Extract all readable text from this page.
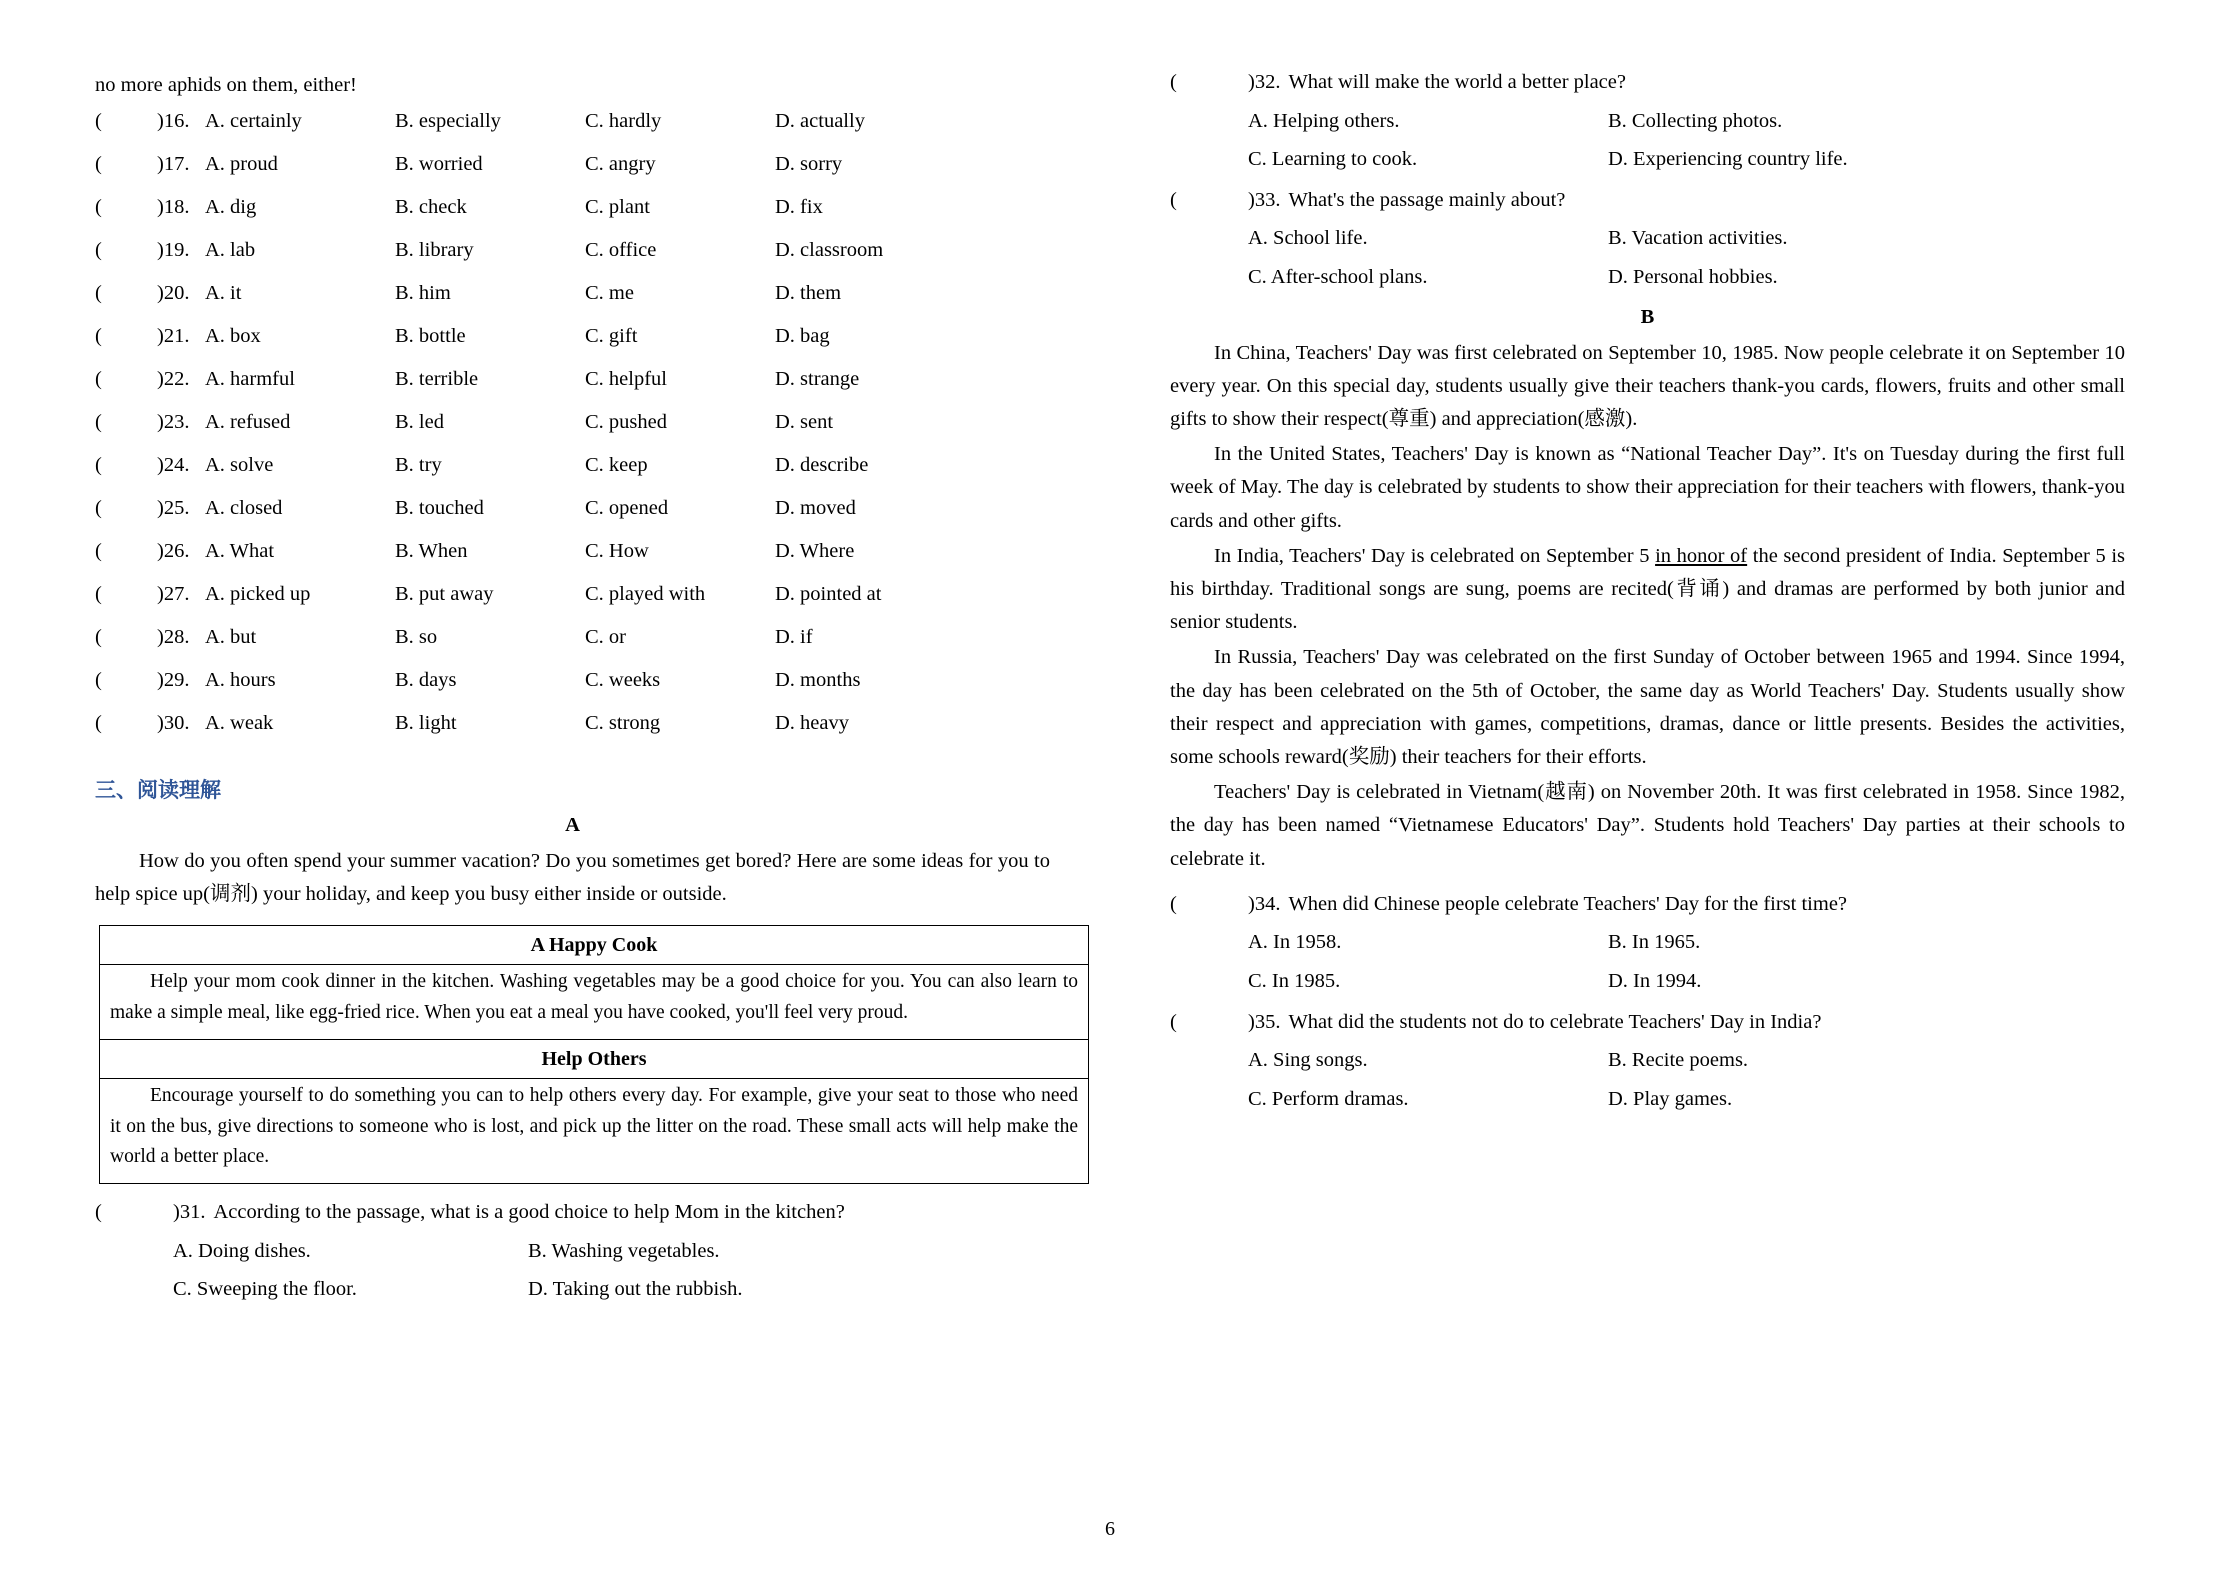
no more aphids on them, either!
(	)16. A. certainly	B. especially	C. hardly	D. actually
(	)17. A. proud	B. worried	C. angry	D. sorry
(	)18. A. dig	B. check	C. plant	D. fix
(	)19. A. lab	B. library	C. office	D. classroom
(	)20. A. it	B. him	C. me	D. them
(	)21. A. box	B. bottle	C. gift	D. bag
(	)22. A. harmful	B. terrible	C. helpful	D. strange
(	)23. A. refused	B. led	C. pushed	D. sent
(	)24. A. solve	B. try	C. keep	D. describe
(	)25. A. closed	B. touched	C. opened	D. moved
(	)26. A. What	B. When	C. How	D. Where
(	)27. A. picked up	B. put away	C. played with	D. pointed at
(	)28. A. but	B. so	C. or	D. if
(	)29. A. hours	B. days	C. weeks	D. months
(	)30. A. weak	B. light	C. strong	D. heavy
三、阅读理解
A

How do you often spend your summer vacation? Do you sometimes get bored? Here are some ideas for you to help spice up(调剂) your holiday, and keep you busy either inside or outside.

A Happy Cook
Help your mom cook dinner in the kitchen. Washing vegetables may be a good choice for you. You can also learn to make a simple meal, like egg-fried rice. When you eat a meal you have cooked, you'll feel very proud.
Help Others
Encourage yourself to do something you can to help others every day. For example, give your seat to those who need it on the bus, give directions to someone who is lost, and pick up the litter on the road. These small acts will help make the world a better place.
(	)31. According to the passage, what is a good choice to help Mom in the kitchen?
A. Doing dishes.	B. Washing vegetables.
C. Sweeping the floor.	D. Taking out the rubbish.
(	)32. What will make the world a better place?
A. Helping others.	B. Collecting photos.
C. Learning to cook.	D. Experiencing country life.
(	)33. What's the passage mainly about?
A. School life.	B. Vacation activities.
C. After-school plans.	D. Personal hobbies.
B

In China, Teachers' Day was first celebrated on September 10, 1985. Now people celebrate it on September 10 every year. On this special day, students usually give their teachers thank-you cards, flowers, fruits and other small gifts to show their respect(尊重) and appreciation(感激).

In the United States, Teachers' Day is known as “National Teacher Day”. It's on Tuesday during the first full week of May. The day is celebrated by students to show their appreciation for their teachers with flowers, thank-you cards and other gifts.

In India, Teachers' Day is celebrated on September 5 in honor of the second president of India. September 5 is his birthday. Traditional songs are sung, poems are recited(背诵) and dramas are performed by both junior and senior students.

In Russia, Teachers' Day was celebrated on the first Sunday of October between 1965 and 1994. Since 1994, the day has been celebrated on the 5th of October, the same day as World Teachers' Day. Students usually show their respect and appreciation with games, competitions, dramas, dance or little presents. Besides the activities, some schools reward(奖励) their teachers for their efforts.

Teachers' Day is celebrated in Vietnam(越南) on November 20th. It was first celebrated in 1958. Since 1982, the day has been named “Vietnamese Educators' Day”. Students hold Teachers' Day parties at their schools to celebrate it.

(	)34. When did Chinese people celebrate Teachers' Day for the first time?
A. In 1958.	B. In 1965.
C. In 1985.	D. In 1994.
(	)35. What did the students not do to celebrate Teachers' Day in India?
A. Sing songs.	B. Recite poems.
C. Perform dramas.	D. Play games.
6
